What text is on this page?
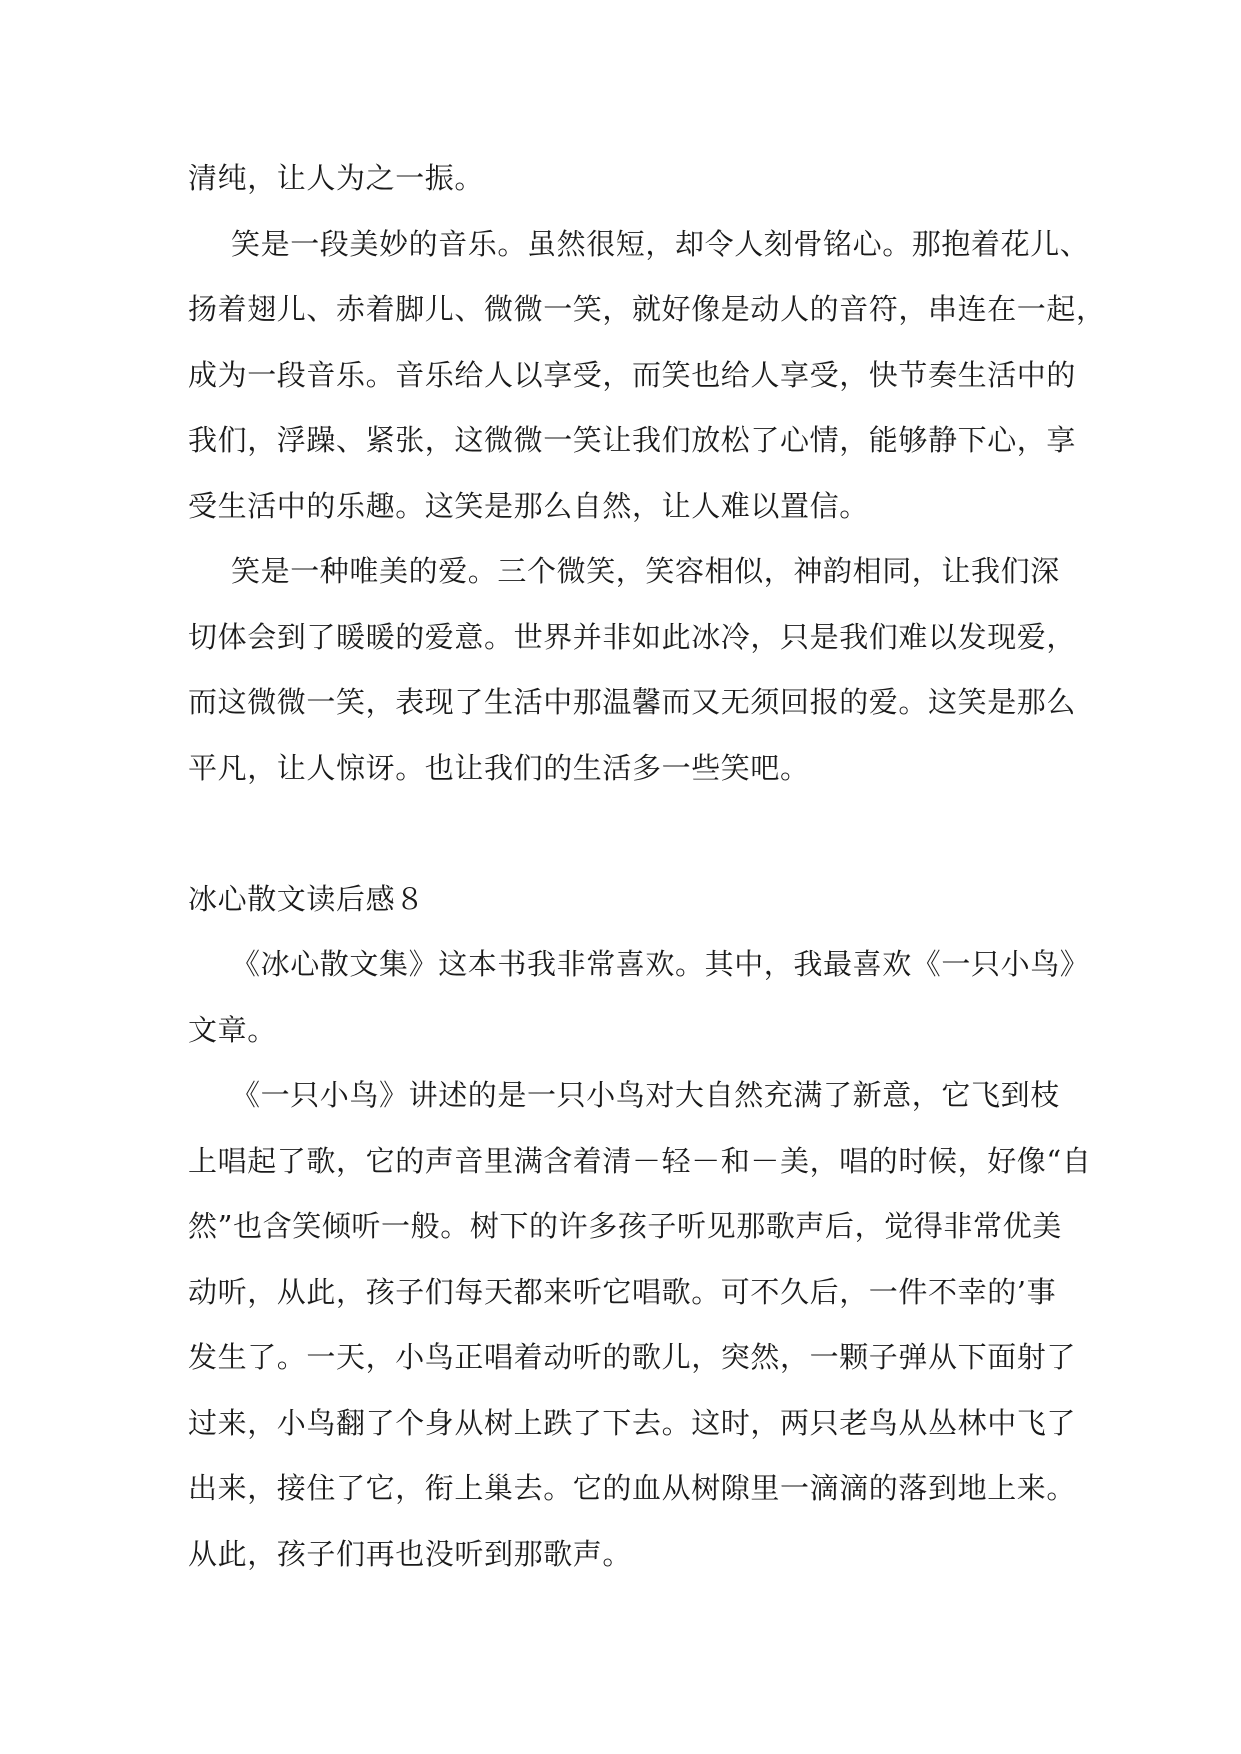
清纯，让人为之一振。
笑是一段美妙的音乐。虽然很短，却令人刻骨铭心。那抱着花儿、
扬着翅儿、赤着脚儿、微微一笑，就好像是动人的音符，串连在一起，
成为一段音乐。音乐给人以享受，而笑也给人享受，快节奏生活中的
我们，浮躁、紧张，这微微一笑让我们放松了心情，能够静下心，享
受生活中的乐趣。这笑是那么自然，让人难以置信。
笑是一种唯美的爱。三个微笑，笑容相似，神韵相同，让我们深
切体会到了暖暖的爱意。世界并非如此冰冷，只是我们难以发现爱，
而这微微一笑，表现了生活中那温馨而又无须回报的爱。这笑是那么
平凡，让人惊讶。也让我们的生活多一些笑吧。
冰心散文读后感８
《冰心散文集》这本书我非常喜欢。其中，我最喜欢《一只小鸟》
文章。
《一只小鸟》讲述的是一只小鸟对大自然充满了新意，它飞到枝
上唱起了歌，它的声音里满含着清－轻－和－美，唱的时候，好像“自
然”也含笑倾听一般。树下的许多孩子听见那歌声后，觉得非常优美
动听，从此，孩子们每天都来听它唱歌。可不久后，一件不幸的’事
发生了。一天，小鸟正唱着动听的歌儿，突然，一颗子弹从下面射了
过来，小鸟翻了个身从树上跌了下去。这时，两只老鸟从丛林中飞了
出来，接住了它，衔上巢去。它的血从树隙里一滴滴的落到地上来。
从此，孩子们再也没听到那歌声。
